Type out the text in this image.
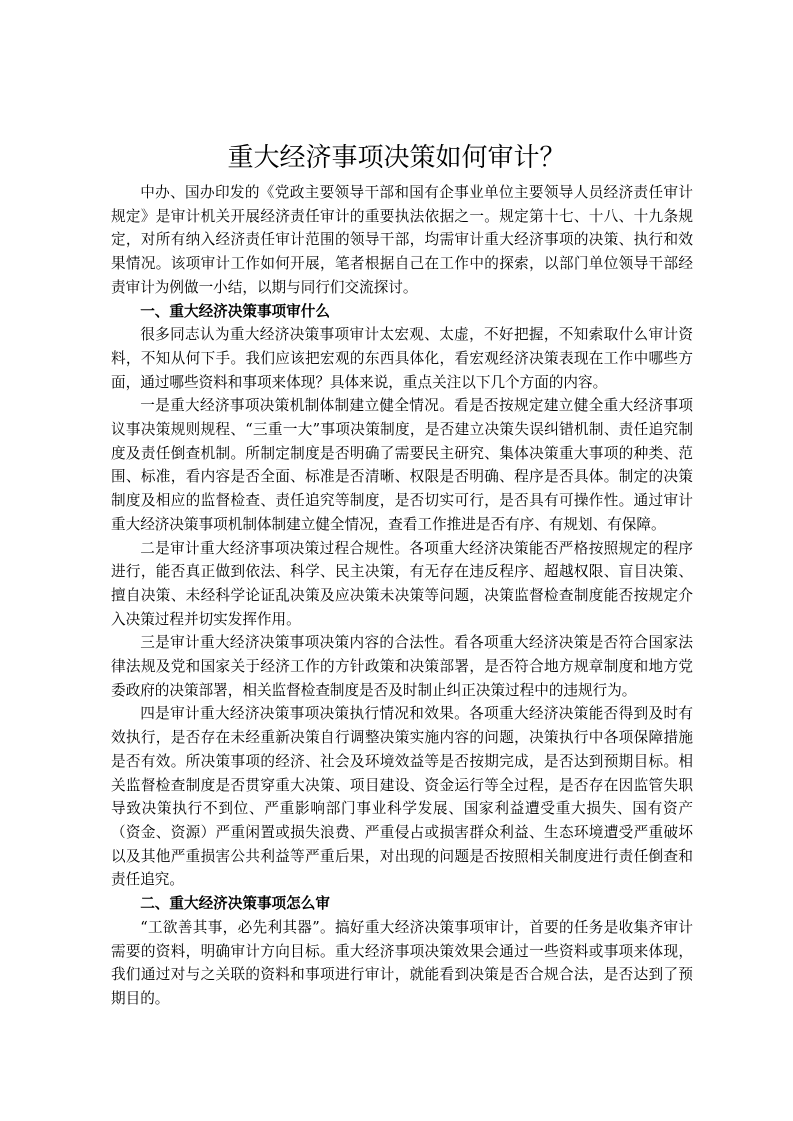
重大经济事项决策如何审计？

中办、国办印发的《党政主要领导干部和国有企事业单位主要领导人员经济责任审计规定》是审计机关开展经济责任审计的重要执法依据之一。规定第十七、十八、十九条规定，对所有纳入经济责任审计范围的领导干部，均需审计重大经济事项的决策、执行和效果情况。该项审计工作如何开展，笔者根据自己在工作中的探索，以部门单位领导干部经责审计为例做一小结，以期与同行们交流探讨。

一、重大经济决策事项审什么

很多同志认为重大经济决策事项审计太宏观、太虚，不好把握，不知索取什么审计资料，不知从何下手。我们应该把宏观的东西具体化，看宏观经济决策表现在工作中哪些方面，通过哪些资料和事项来体现？具体来说，重点关注以下几个方面的内容。

一是重大经济事项决策机制体制建立健全情况。看是否按规定建立健全重大经济事项议事决策规则规程、“三重一大”事项决策制度，是否建立决策失误纠错机制、责任追究制度及责任倒查机制。所制定制度是否明确了需要民主研究、集体决策重大事项的种类、范围、标准，看内容是否全面、标准是否清晰、权限是否明确、程序是否具体。制定的决策制度及相应的监督检查、责任追究等制度，是否切实可行，是否具有可操作性。通过审计重大经济决策事项机制体制建立健全情况，查看工作推进是否有序、有规划、有保障。

二是审计重大经济事项决策过程合规性。各项重大经济决策能否严格按照规定的程序进行，能否真正做到依法、科学、民主决策，有无存在违反程序、超越权限、盲目决策、擅自决策、未经科学论证乱决策及应决策未决策等问题，决策监督检查制度能否按规定介入决策过程并切实发挥作用。

三是审计重大经济决策事项决策内容的合法性。看各项重大经济决策是否符合国家法律法规及党和国家关于经济工作的方针政策和决策部署，是否符合地方规章制度和地方党委政府的决策部署，相关监督检查制度是否及时制止纠正决策过程中的违规行为。

四是审计重大经济决策事项决策执行情况和效果。各项重大经济决策能否得到及时有效执行，是否存在未经重新决策自行调整决策实施内容的问题，决策执行中各项保障措施是否有效。所决策事项的经济、社会及环境效益等是否按期完成，是否达到预期目标。相关监督检查制度是否贯穿重大决策、项目建设、资金运行等全过程，是否存在因监管失职导致决策执行不到位、严重影响部门事业科学发展、国家利益遭受重大损失、国有资产（资金、资源）严重闲置或损失浪费、严重侵占或损害群众利益、生态环境遭受严重破坏以及其他严重损害公共利益等严重后果，对出现的问题是否按照相关制度进行责任倒查和责任追究。

二、重大经济决策事项怎么审

“工欲善其事，必先利其器”。搞好重大经济决策事项审计，首要的任务是收集齐审计需要的资料，明确审计方向目标。重大经济事项决策效果会通过一些资料或事项来体现，我们通过对与之关联的资料和事项进行审计，就能看到决策是否合规合法，是否达到了预期目的。
